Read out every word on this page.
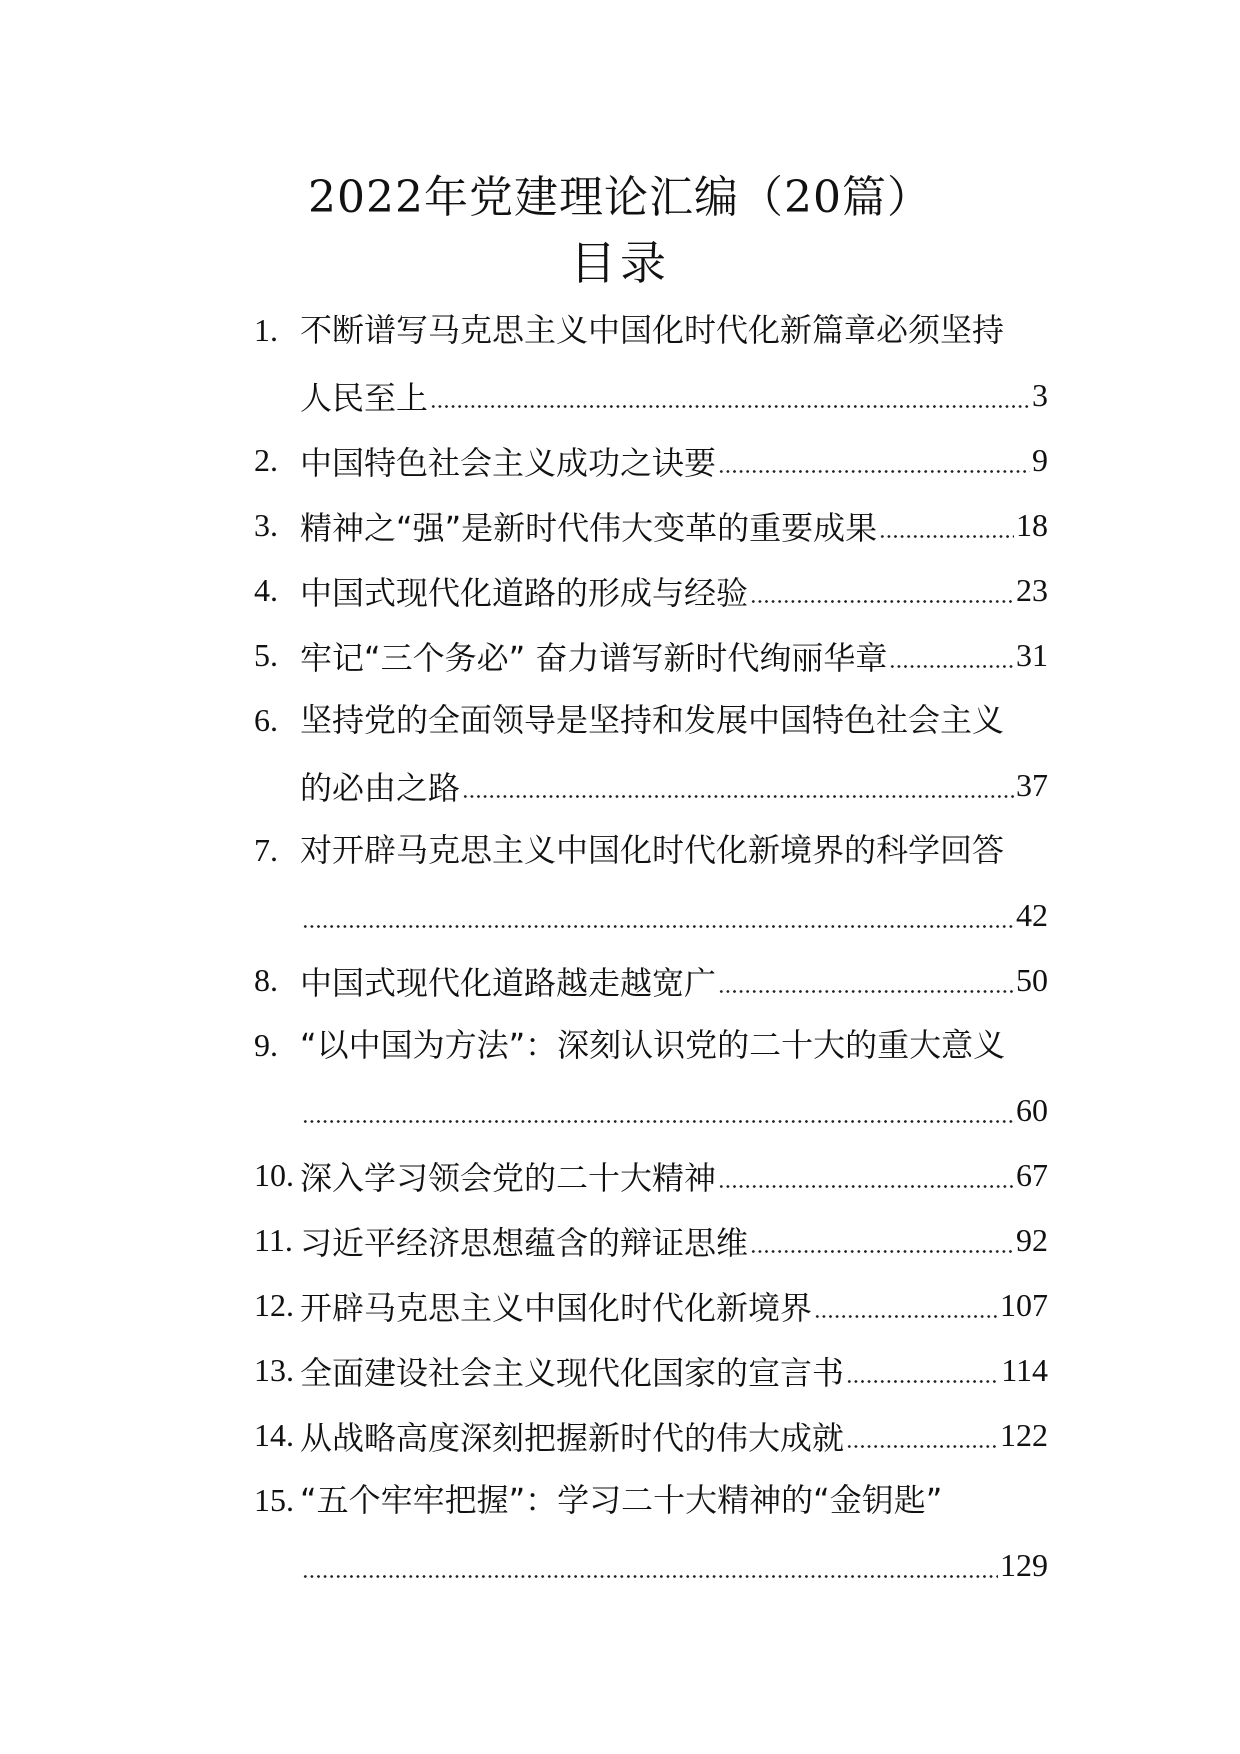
2022年党建理论汇编（20篇）
目录
1. 不断谱写马克思主义中国化时代化新篇章必须坚持
人民至上	3
2. 中国特色社会主义成功之诀要	9
3. 精神之“强”是新时代伟大变革的重要成果	18
4. 中国式现代化道路的形成与经验	23
5. 牢记“三个务必” 奋力谱写新时代绚丽华章	31
6. 坚持党的全面领导是坚持和发展中国特色社会主义
的必由之路	37
7. 对开辟马克思主义中国化时代化新境界的科学回答
42
8. 中国式现代化道路越走越宽广	50
9. “以中国为方法”：深刻认识党的二十大的重大意义
60
10. 深入学习领会党的二十大精神	67
11. 习近平经济思想蕴含的辩证思维	92
12. 开辟马克思主义中国化时代化新境界	107
13. 全面建设社会主义现代化国家的宣言书	114
14. 从战略高度深刻把握新时代的伟大成就	122
15. “五个牢牢把握”：学习二十大精神的“金钥匙”
129
